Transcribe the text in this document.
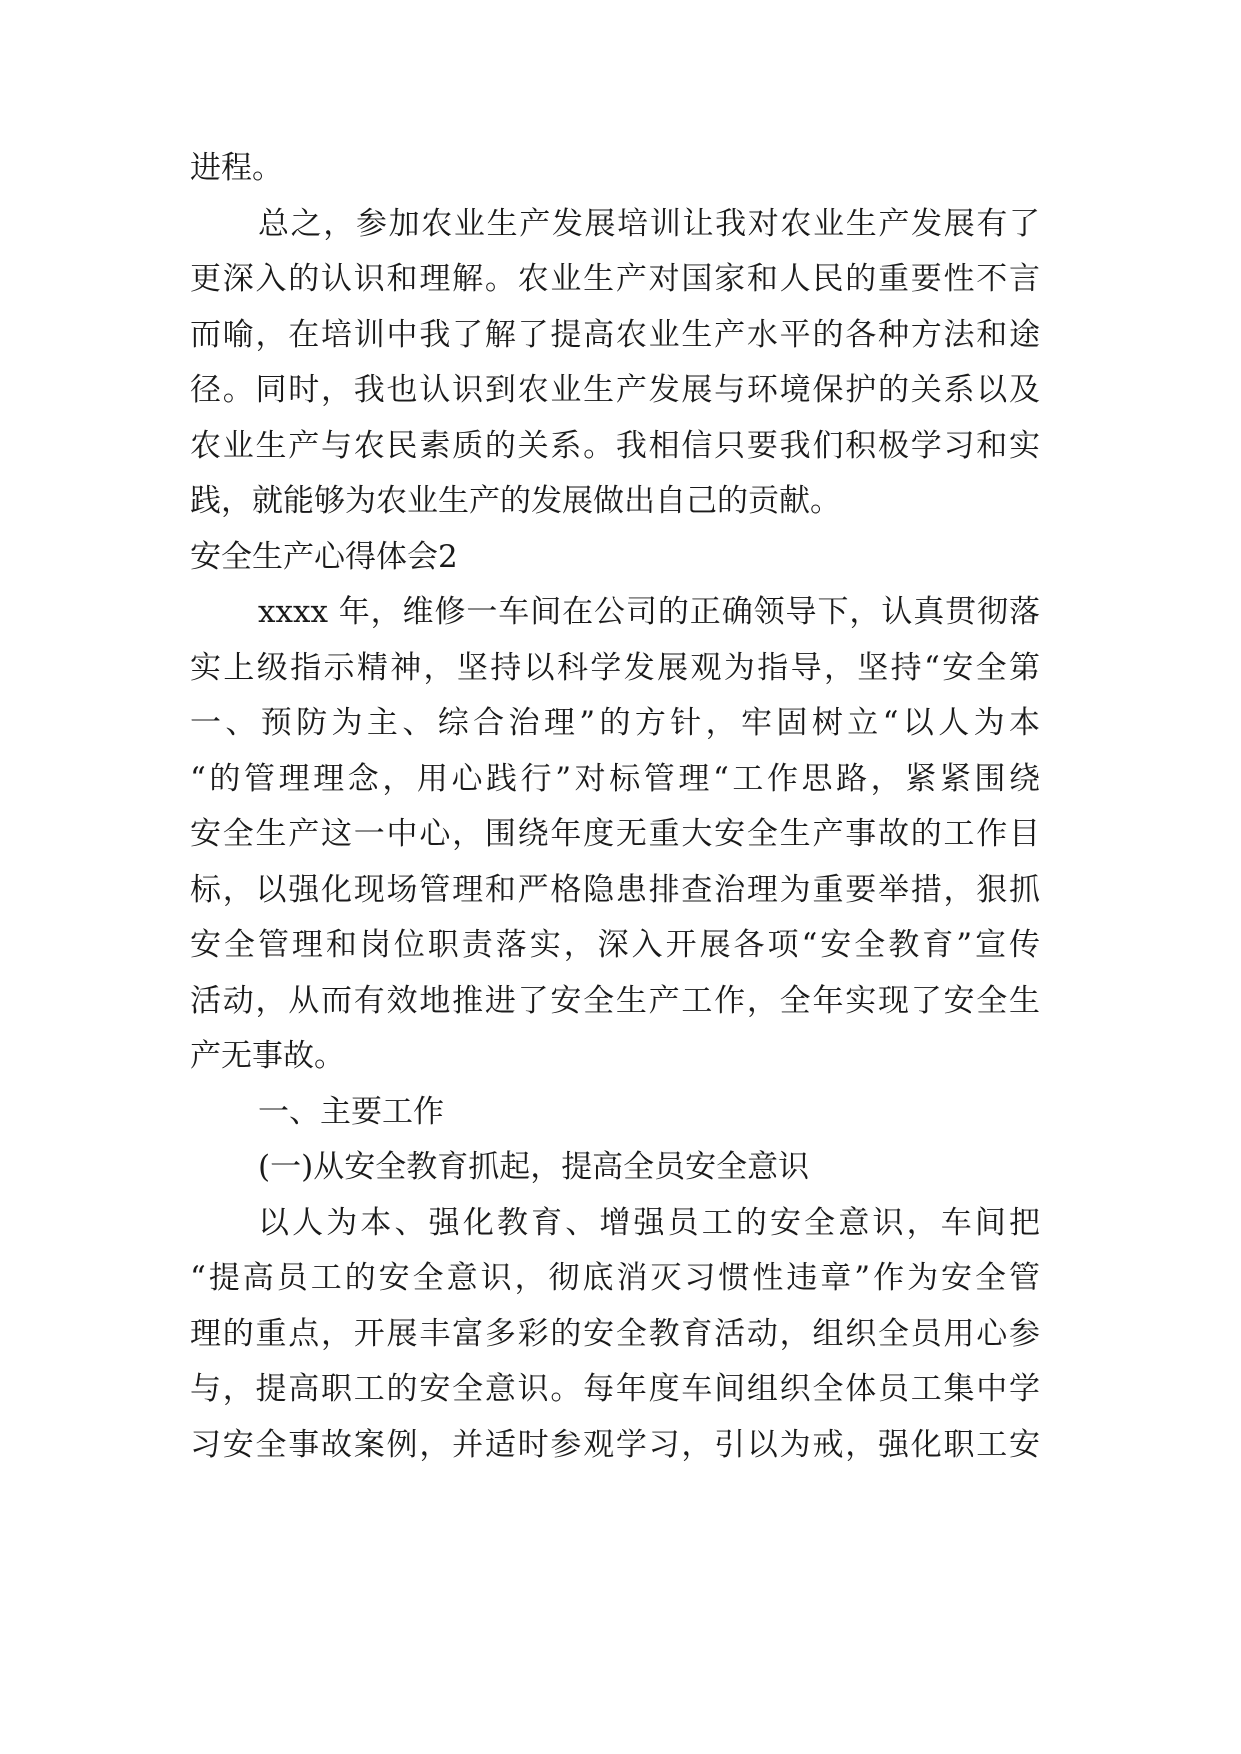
进程。
总之，参加农业生产发展培训让我对农业生产发展有了
更深入的认识和理解。农业生产对国家和人民的重要性不言
而喻，在培训中我了解了提高农业生产水平的各种方法和途
径。同时，我也认识到农业生产发展与环境保护的关系以及
农业生产与农民素质的关系。我相信只要我们积极学习和实
践，就能够为农业生产的发展做出自己的贡献。
安全生产心得体会2
xxxx 年，维修一车间在公司的正确领导下，认真贯彻落
实上级指示精神，坚持以科学发展观为指导，坚持“安全第
一、预防为主、综合治理”的方针，牢固树立“以人为本
“的管理理念，用心践行”对标管理“工作思路，紧紧围绕
安全生产这一中心，围绕年度无重大安全生产事故的工作目
标，以强化现场管理和严格隐患排查治理为重要举措，狠抓
安全管理和岗位职责落实，深入开展各项“安全教育”宣传
活动，从而有效地推进了安全生产工作，全年实现了安全生
产无事故。
一、主要工作
(一)从安全教育抓起，提高全员安全意识
以人为本、强化教育、增强员工的安全意识，车间把
“提高员工的安全意识，彻底消灭习惯性违章”作为安全管
理的重点，开展丰富多彩的安全教育活动，组织全员用心参
与，提高职工的安全意识。每年度车间组织全体员工集中学
习安全事故案例，并适时参观学习，引以为戒，强化职工安
